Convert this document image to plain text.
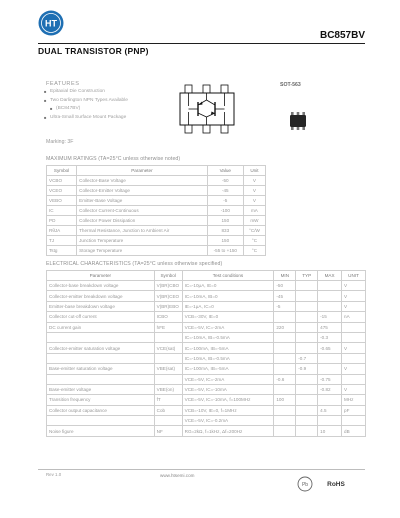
HT
BC857BV
DUAL TRANSISTOR (PNP)
FEATURES
■ Epitaxial Die Construction
■ Two Darlington NPN Types Available
■ (BC847BV)
■ Ultra-Small Surface Mount Package
SOT-563
Marking: 3F
MAXIMUM RATINGS (TA=25°C unless otherwise noted)
Symbol	Parameter	Value	Unit
VCBO	Collector-Base Voltage	-50	V
VCEO	Collector-Emitter Voltage	-45	V
VEBO	Emitter-Base Voltage	-5	V
IC	Collector Current-Continuous	-100	mA
PD	Collector Power Dissipation	150	mW
RθJA	Thermal Resistance, Junction to Ambient Air	833	°C/W
TJ	Junction Temperature	150	°C
Tstg	Storage Temperature	-55 to +150	°C
ELECTRICAL CHARACTERISTICS (TA=25°C unless otherwise specified)
Parameter	Symbol	Test conditions	MIN	TYP	MAX	UNIT
Collector-base breakdown voltage	V(BR)CBO	IC=-10μA, IE=0	-50			V
Collector-emitter breakdown voltage	V(BR)CEO	IC=-10mA, IB=0	-45			V
Emitter-base breakdown voltage	V(BR)EBO	IE=-1μA, IC=0	-5			V
Collector cut-off current	ICBO	VCB=-30V, IE=0			-15	nA
DC current gain	hFE	VCE=-5V, IC=-2mA	220		475	
		IC=-10mA, IB=-0.5mA			-0.3	
Collector-emitter saturation voltage	VCE(sat)	IC=-100mA, IB=-5mA			-0.65	V
		IC=-10mA, IB=-0.5mA		-0.7		
Base-emitter saturation voltage	VBE(sat)	IC=-100mA, IB=-5mA		-0.9		V
		VCE=-5V, IC=-2mA	-0.6		-0.75	
Base-emitter voltage	VBE(on)	VCE=-5V, IC=-10mA			-0.82	V
Transition frequency	fT	VCE=-5V, IC=-10mA, f=100MHz	100			MHz
Collector output capacitance	Cob	VCB=-10V, IE=0, f=1MHz			4.5	pF
		VCE=-5V, IC=-0.2mA				
Noise figure	NF	RG=2kΩ, f=1kHz, Δf=200Hz			10	dB
Rev 1.0	www.htsemi.com
Pb	RoHS
